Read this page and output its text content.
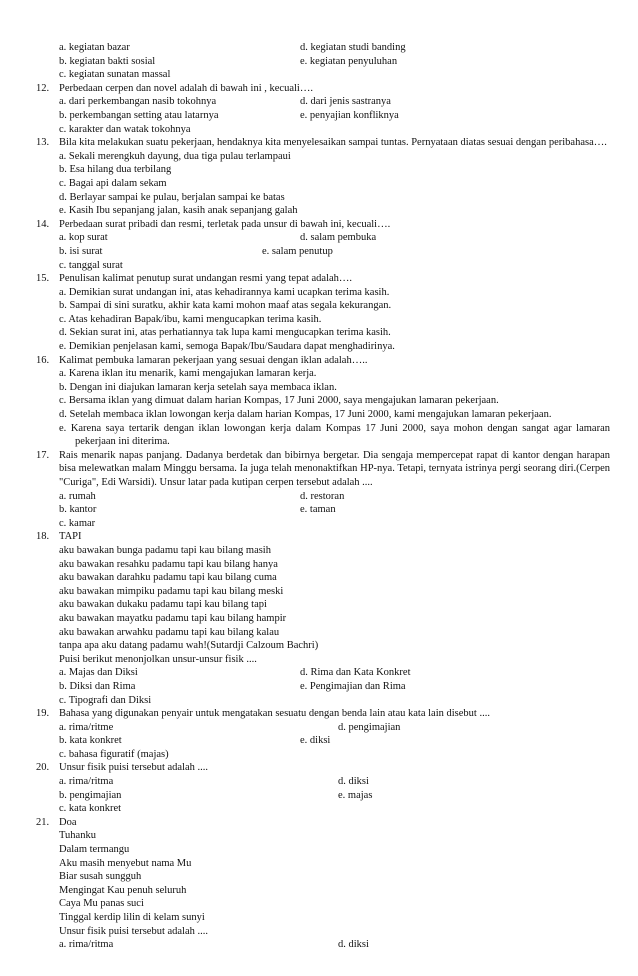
a. kegiatan bazar	d. kegiatan studi banding
b. kegiatan bakti sosial	e. kegiatan penyuluhan
c. kegiatan sunatan massal
12. Perbedaan cerpen dan novel adalah di bawah ini , kecuali….
a. dari perkembangan nasib tokohnya	d. dari jenis sastranya
b. perkembangan setting atau latarnya	e. penyajian konfliknya
c. karakter dan watak tokohnya
13. Bila kita melakukan suatu pekerjaan, hendaknya kita menyelesaikan sampai tuntas. Pernyataan diatas sesuai dengan peribahasa….
a. Sekali merengkuh dayung, dua tiga pulau terlampaui
b. Esa hilang dua terbilang
c. Bagai api dalam sekam
d. Berlayar sampai ke pulau, berjalan sampai ke batas
e. Kasih Ibu sepanjang jalan, kasih anak sepanjang galah
14. Perbedaan surat pribadi dan resmi, terletak pada unsur di bawah ini, kecuali….
a. kop surat	d. salam pembuka
b. isi surat	e. salam penutup
c. tanggal surat
15. Penulisan kalimat penutup surat undangan resmi yang tepat adalah….
a. Demikian surat undangan ini, atas kehadirannya kami ucapkan terima kasih.
b. Sampai di sini suratku, akhir kata kami mohon maaf atas segala kekurangan.
c. Atas kehadiran Bapak/ibu, kami mengucapkan terima kasih.
d. Sekian surat ini, atas perhatiannya tak lupa kami mengucapkan terima kasih.
e. Demikian penjelasan kami, semoga Bapak/Ibu/Saudara dapat menghadirinya.
16. Kalimat pembuka lamaran pekerjaan yang sesuai dengan iklan adalah…..
a. Karena iklan itu menarik, kami mengajukan lamaran kerja.
b. Dengan ini diajukan lamaran kerja setelah saya membaca iklan.
c. Bersama iklan yang dimuat dalam harian Kompas, 17 Juni 2000, saya mengajukan lamaran pekerjaan.
d. Setelah membaca iklan lowongan kerja dalam harian Kompas, 17 Juni 2000, kami mengajukan lamaran pekerjaan.
e. Karena saya tertarik dengan iklan lowongan kerja dalam Kompas 17 Juni 2000, saya mohon dengan sangat agar lamaran pekerjaan ini diterima.
17. Rais menarik napas panjang. Dadanya berdetak dan bibirnya bergetar. Dia sengaja mempercepat rapat di kantor dengan harapan bisa melewatkan malam Minggu bersama. Ia juga telah menonaktifkan HP-nya. Tetapi, ternyata istrinya pergi seorang diri.(Cerpen "Curiga", Edi Warsidi). Unsur latar pada kutipan cerpen tersebut adalah ....
a. rumah	d. restoran
b. kantor	e. taman
c. kamar
18. TAPI
aku bawakan bunga padamu tapi kau bilang masih
aku bawakan resahku padamu tapi kau bilang hanya
aku bawakan darahku padamu tapi kau bilang cuma
aku bawakan mimpiku padamu tapi kau bilang meski
aku bawakan dukaku padamu tapi kau bilang tapi
aku bawakan mayatku padamu tapi kau bilang hampir
aku bawakan arwahku padamu tapi kau bilang kalau
tanpa apa aku datang padamu wah!(Sutardji Calzoum Bachri)
Puisi berikut menonjolkan unsur-unsur fisik ....
a. Majas dan Diksi	d. Rima dan Kata Konkret
b. Diksi dan Rima	e. Pengimajian dan Rima
c. Tipografi dan Diksi
19. Bahasa yang digunakan penyair untuk mengatakan sesuatu dengan benda lain atau kata lain disebut ....
a. rima/ritme	d. pengimajian
b. kata konkret	e. diksi
c. bahasa figuratif (majas)
20. Unsur fisik puisi tersebut adalah ....
a. rima/ritma	d. diksi
b. pengimajian	e. majas
c. kata konkret
21. Doa
Tuhanku
Dalam termangu
Aku masih menyebut nama Mu
Biar susah sungguh
Mengingat Kau penuh seluruh
Caya Mu panas suci
Tinggal kerdip lilin di kelam sunyi
Unsur fisik puisi tersebut adalah ....
a. rima/ritma	d. diksi
